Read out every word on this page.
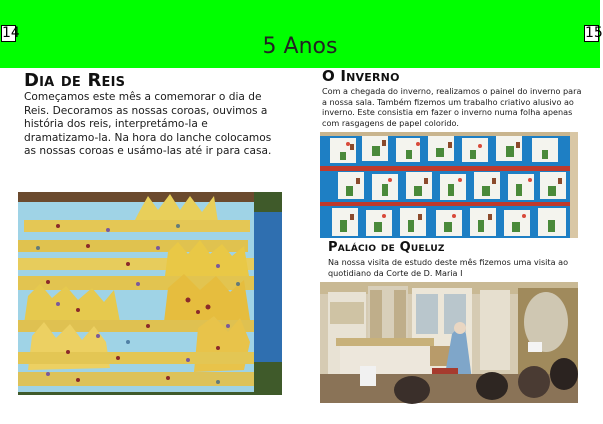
14
5 Anos
15
Dia de Reis
Começamos este mês a comemorar o dia de Reis. Decoramos as nossas coroas, ouvimos a história dos reis, interpretámo-la e dramatizamo-la. Na hora do lanche colocamos as nossas coroas e usámo-las até ir para casa.
O Inverno
Com a chegada do inverno, realizamos o painel do inverno para a nossa sala. Também fizemos um trabalho criativo alusivo ao inverno. Este consistia em fazer o inverno numa folha apenas com rasgagens de papel colorido.
Palácio de Queluz
Na nossa visita de estudo deste mês fizemos uma visita ao quotidiano da Corte de D. Maria I
